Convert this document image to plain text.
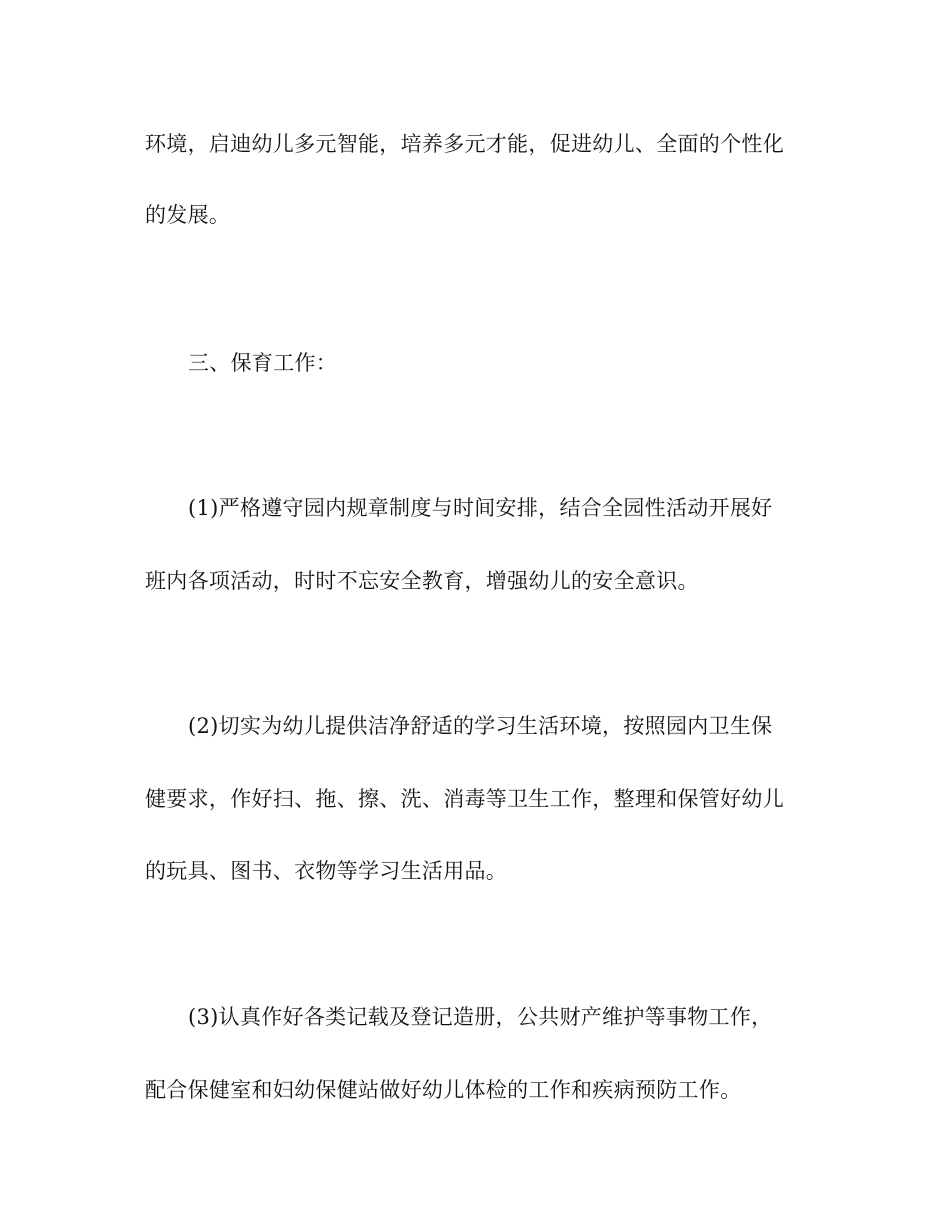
环境，启迪幼儿多元智能，培养多元才能，促进幼儿、全面的个性化
的发展。
三、保育工作：
(1)严格遵守园内规章制度与时间安排，结合全园性活动开展好
班内各项活动，时时不忘安全教育，增强幼儿的安全意识。
(2)切实为幼儿提供洁净舒适的学习生活环境，按照园内卫生保
健要求，作好扫、拖、擦、洗、消毒等卫生工作，整理和保管好幼儿
的玩具、图书、衣物等学习生活用品。
(3)认真作好各类记载及登记造册，公共财产维护等事物工作，
配合保健室和妇幼保健站做好幼儿体检的工作和疾病预防工作。
